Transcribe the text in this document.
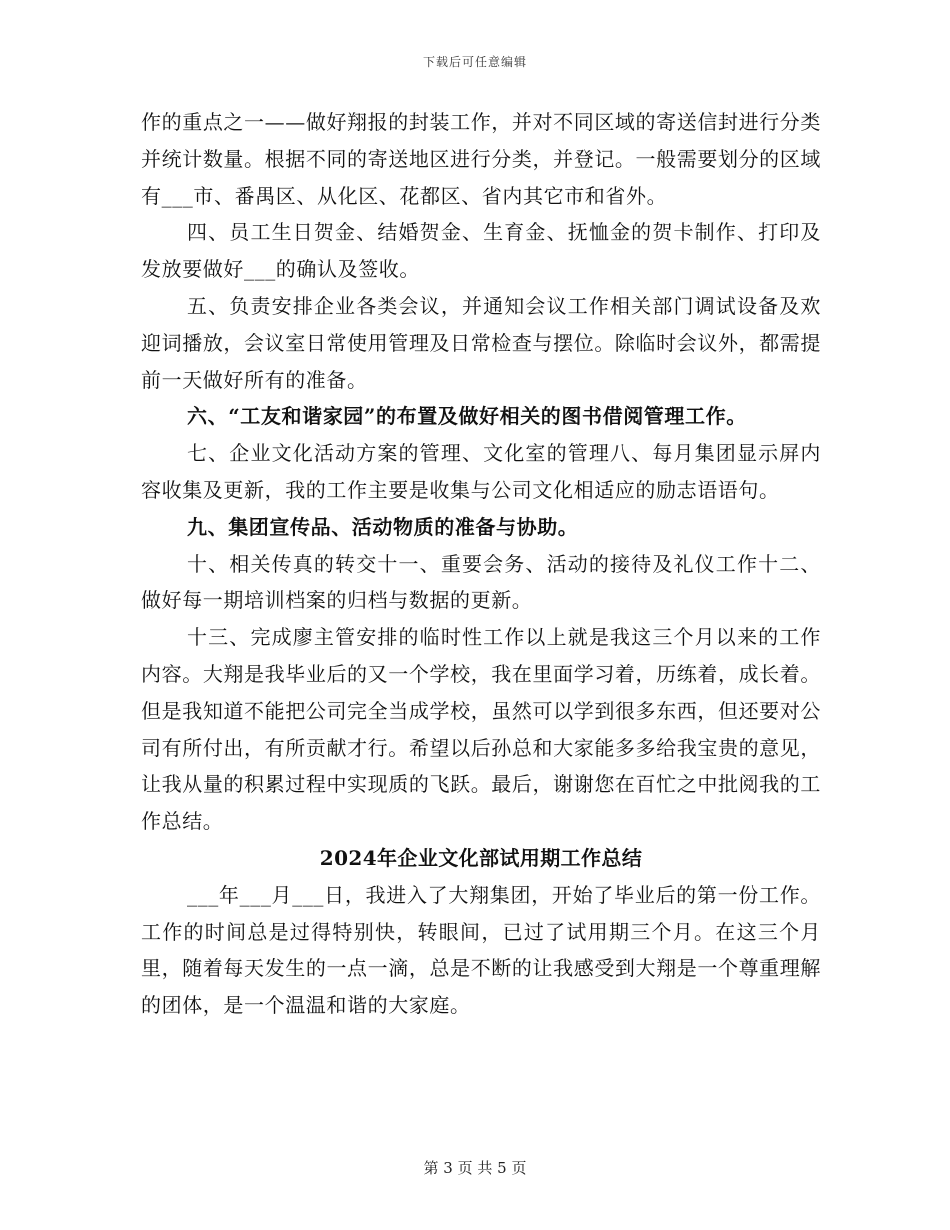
下载后可任意编辑

作的重点之一——做好翔报的封装工作，并对不同区域的寄送信封进行分类并统计数量。根据不同的寄送地区进行分类，并登记。一般需要划分的区域有___市、番禺区、从化区、花都区、省内其它市和省外。

四、员工生日贺金、结婚贺金、生育金、抚恤金的贺卡制作、打印及发放要做好___的确认及签收。

五、负责安排企业各类会议，并通知会议工作相关部门调试设备及欢迎词播放，会议室日常使用管理及日常检查与摆位。除临时会议外，都需提前一天做好所有的准备。

六、“工友和谐家园”的布置及做好相关的图书借阅管理工作。

七、企业文化活动方案的管理、文化室的管理八、每月集团显示屏内容收集及更新，我的工作主要是收集与公司文化相适应的励志语语句。

九、集团宣传品、活动物质的准备与协助。

十、相关传真的转交十一、重要会务、活动的接待及礼仪工作十二、做好每一期培训档案的归档与数据的更新。

十三、完成廖主管安排的临时性工作以上就是我这三个月以来的工作内容。大翔是我毕业后的又一个学校，我在里面学习着，历练着，成长着。但是我知道不能把公司完全当成学校，虽然可以学到很多东西，但还要对公司有所付出，有所贡献才行。希望以后孙总和大家能多多给我宝贵的意见，让我从量的积累过程中实现质的飞跃。最后，谢谢您在百忙之中批阅我的工作总结。

2024年企业文化部试用期工作总结

___年___月___日，我进入了大翔集团，开始了毕业后的第一份工作。工作的时间总是过得特别快，转眼间，已过了试用期三个月。在这三个月里，随着每天发生的一点一滴，总是不断的让我感受到大翔是一个尊重理解的团体，是一个温温和谐的大家庭。

第 3 页 共 5 页
